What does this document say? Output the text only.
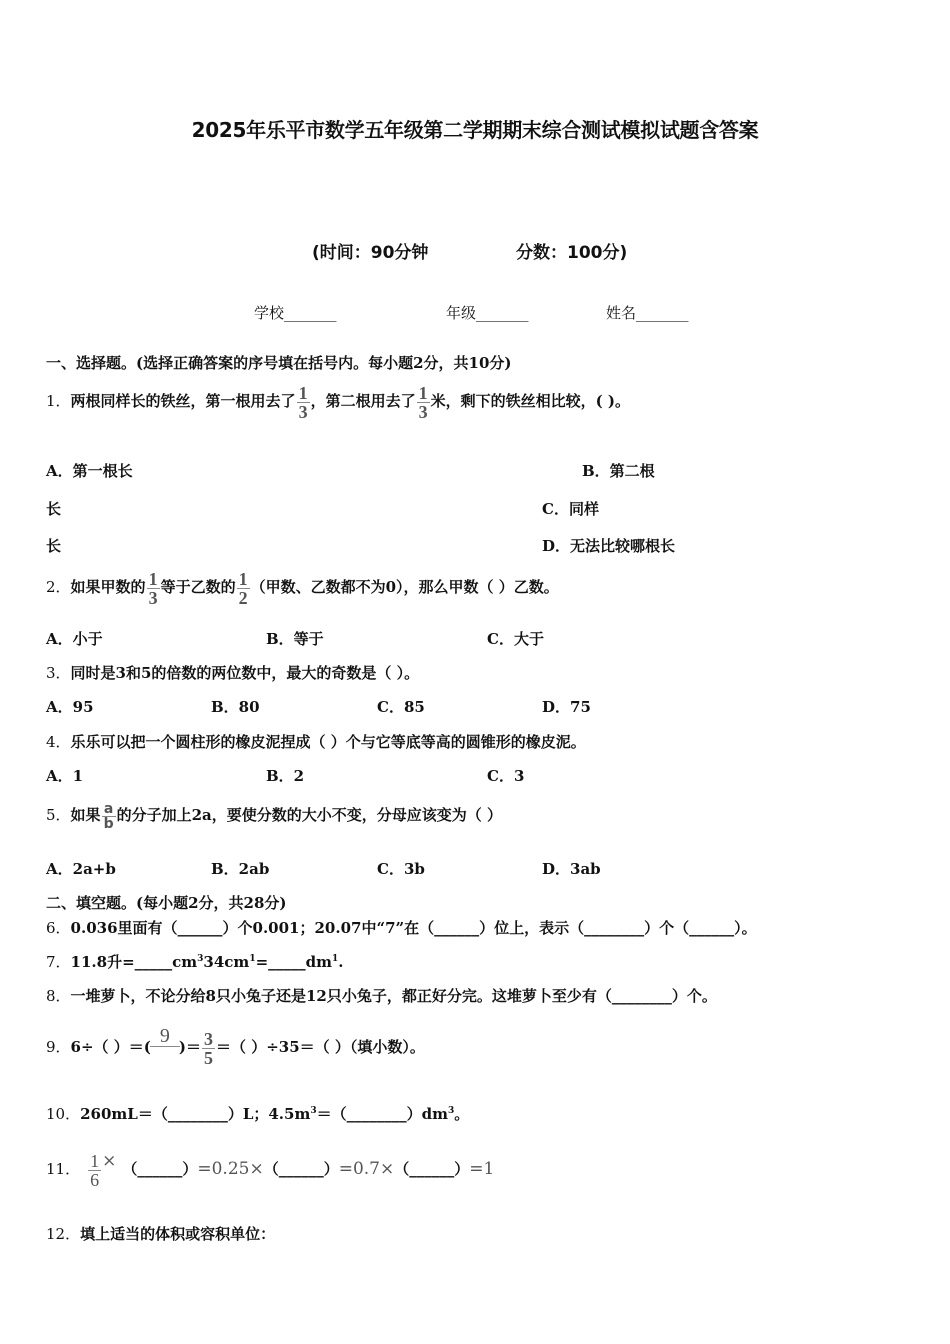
2025年乐平市数学五年级第二学期期末综合测试模拟试题含答案
(时间：90分钟	分数：100分)
学校_______	年级_______	姓名_______
一、选择题。(选择正确答案的序号填在括号内。每小题2分，共10分)
1．两根同样长的铁丝，第一根用去了 $\frac{1}{3}$ ，第二根用去了 $\frac{1}{3}$ 米，剩下的铁丝相比较，( )。
A．第一根长	B．第二根
长	C．同样
长	D．无法比较哪根长
2．如果甲数的 $\frac{1}{3}$ 等于乙数的 $\frac{1}{2}$ （甲数、乙数都不为0），那么甲数（ ）乙数。
A．小于	B．等于	C．大于
3．同时是3和5的倍数的两位数中，最大的奇数是（ ）。
A．95	B．80	C．85	D．75
4．乐乐可以把一个圆柱形的橡皮泥捏成（ ）个与它等底等高的圆锥形的橡皮泥。
A．1	B．2	C．3
5．如果 $\frac{a}{b}$ 的分子加上2a，要使分数的大小不变，分母应该变为（ ）
A．2a+b	B．2ab	C．3b	D．3ab
二、填空题。(每小题2分，共28分)
6．0.036里面有（______）个0.001；20.07中“7”在（______）位上，表示（________）个（______）。
7．11.8升$=\_\_\_\_\_cm^334cm^1=\_\_\_\_\_dm^1$.
8．一堆萝卜，不论分给8只小兔子还是12只小兔子，都正好分完。这堆萝卜至少有（________）个。
9．6÷（ ）＝(
9
)＝ $\frac{3}{5}$ ＝（ ）÷35＝（ ）（填小数）。
10．260mL＝（________）L；$4.5m^3=(\_\_\_\_\_\_\_\_)dm^3$。
11． $\frac{1}{6}$ × （______）=0.25×（______）=0.7×（______）=1
12．填上适当的体积或容积单位：
